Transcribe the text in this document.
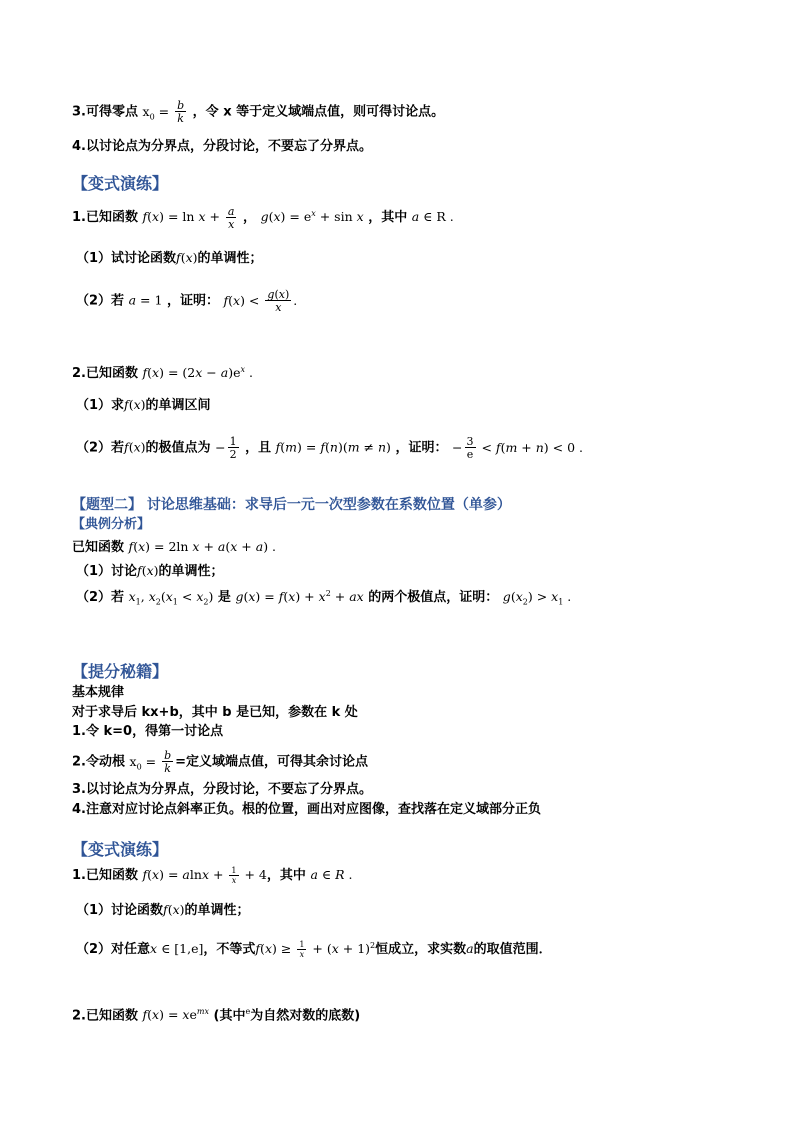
3.可得零点 $x_0 = \frac{b}{k}$ ，令 x 等于定义域端点值，则可得讨论点。
4.以讨论点为分界点，分段讨论，不要忘了分界点。
【变式演练】
1.已知函数 $f(x) = \ln x + \frac{a}{x}$ ， $g(x) = e^x + \sin x$ ，其中 a ∈ R .
（1）试讨论函数f(x)的单调性；
（2）若 a = 1 ，证明： $f(x) < \frac{g(x)}{x}$ .
2.已知函数 $f(x) = (2x - a)e^x$ .
（1）求f(x)的单调区间
（2）若f(x)的极值点为 − $\frac{1}{2}$ ，且 f(m) = f(n)(m ≠ n) ，证明： − $\frac{3}{e} < f(m + n) < 0$ .
【题型二】 讨论思维基础：求导后一元一次型参数在系数位置（单参）
【典例分析】
已知函数 f(x) = 2ln x + a(x + a) .
（1）讨论f(x)的单调性；
（2）若 $x_1$, $x_2(x_1 < x_2)$ 是 $g(x) = f(x) + x^2$ + ax 的两个极值点，证明： $g(x_2) > x_1$ .
【提分秘籍】
基本规律
对于求导后 kx+b，其中 b 是已知，参数在 k 处
1.令 k=0，得第一讨论点
2.令动根 $x_0 = \frac{b}{k}$ =定义域端点值，可得其余讨论点
3.以讨论点为分界点，分段讨论，不要忘了分界点。
4.注意对应讨论点斜率正负。根的位置，画出对应图像，查找落在定义域部分正负
【变式演练】
1.已知函数 $f(x) = alnx + \frac{1}{x} + 4$，其中 a ∈ R .
（1）讨论函数f(x)的单调性；
（2）对任意x ∈ [1,e]，不等式$f(x) \ge \frac{1}{x} + (x + 1)^2$恒成立，求实数a的取值范围．
2.已知函数 $f(x) = xe^{mx}$ (其中$^e$为自然对数的底数)
